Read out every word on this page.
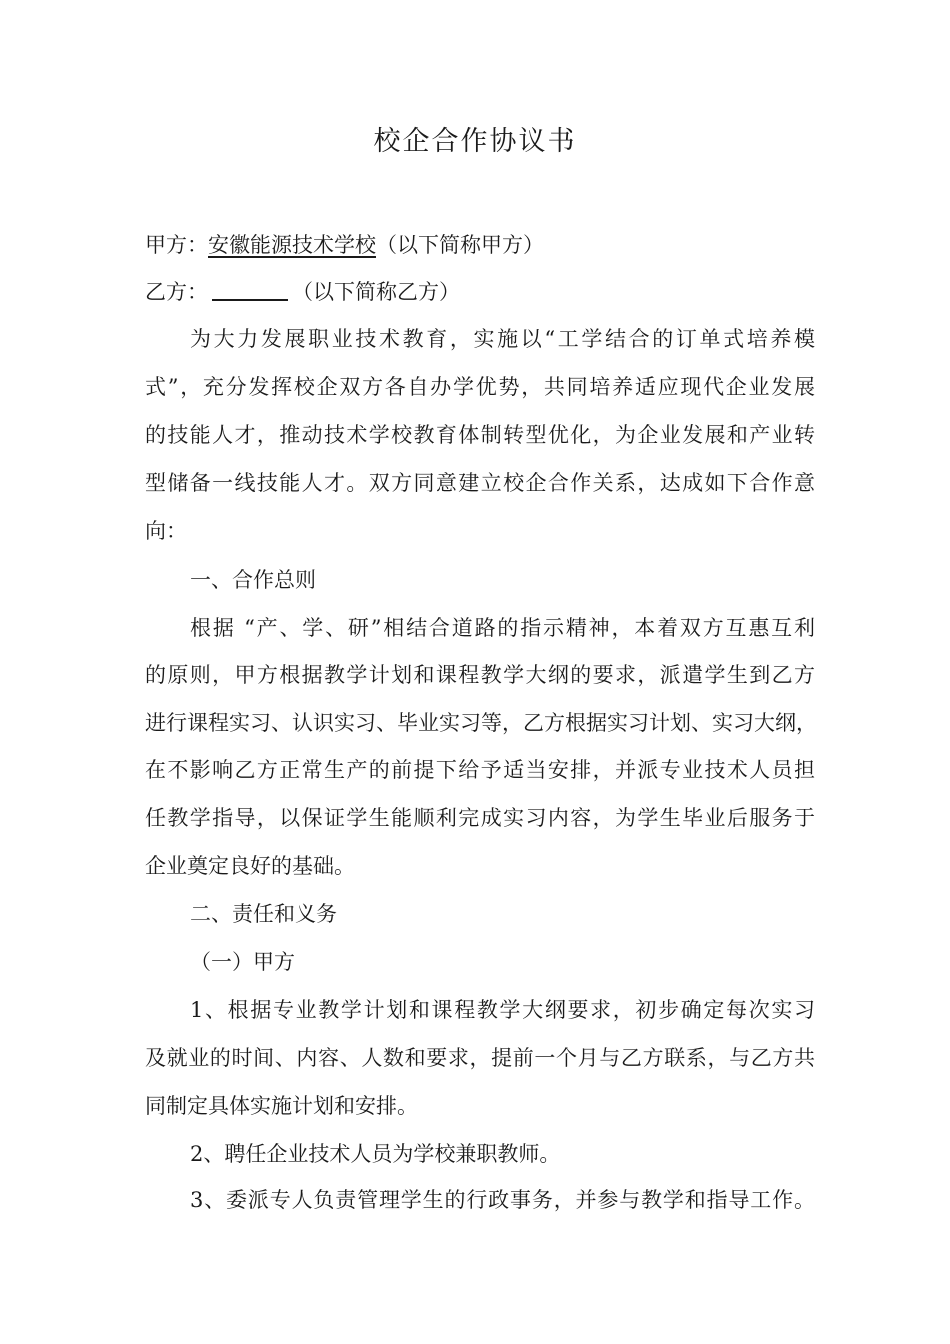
校企合作协议书
甲方：安徽能源技术学校（以下简称甲方）
乙方：	（以下简称乙方）
为大力发展职业技术教育，实施以“工学结合的订单式培养模
式”，充分发挥校企双方各自办学优势，共同培养适应现代企业发展
的技能人才，推动技术学校教育体制转型优化，为企业发展和产业转
型储备一线技能人才。双方同意建立校企合作关系，达成如下合作意
向：
一、合作总则
根据 “产、学、研”相结合道路的指示精神，本着双方互惠互利
的原则，甲方根据教学计划和课程教学大纲的要求，派遣学生到乙方
进行课程实习、认识实习、毕业实习等，乙方根据实习计划、实习大纲，
在不影响乙方正常生产的前提下给予适当安排，并派专业技术人员担
任教学指导，以保证学生能顺利完成实习内容，为学生毕业后服务于
企业奠定良好的基础。
二、责任和义务
（一）甲方
1、根据专业教学计划和课程教学大纲要求，初步确定每次实习
及就业的时间、内容、人数和要求，提前一个月与乙方联系，与乙方共
同制定具体实施计划和安排。
2、聘任企业技术人员为学校兼职教师。
3、委派专人负责管理学生的行政事务，并参与教学和指导工作。
